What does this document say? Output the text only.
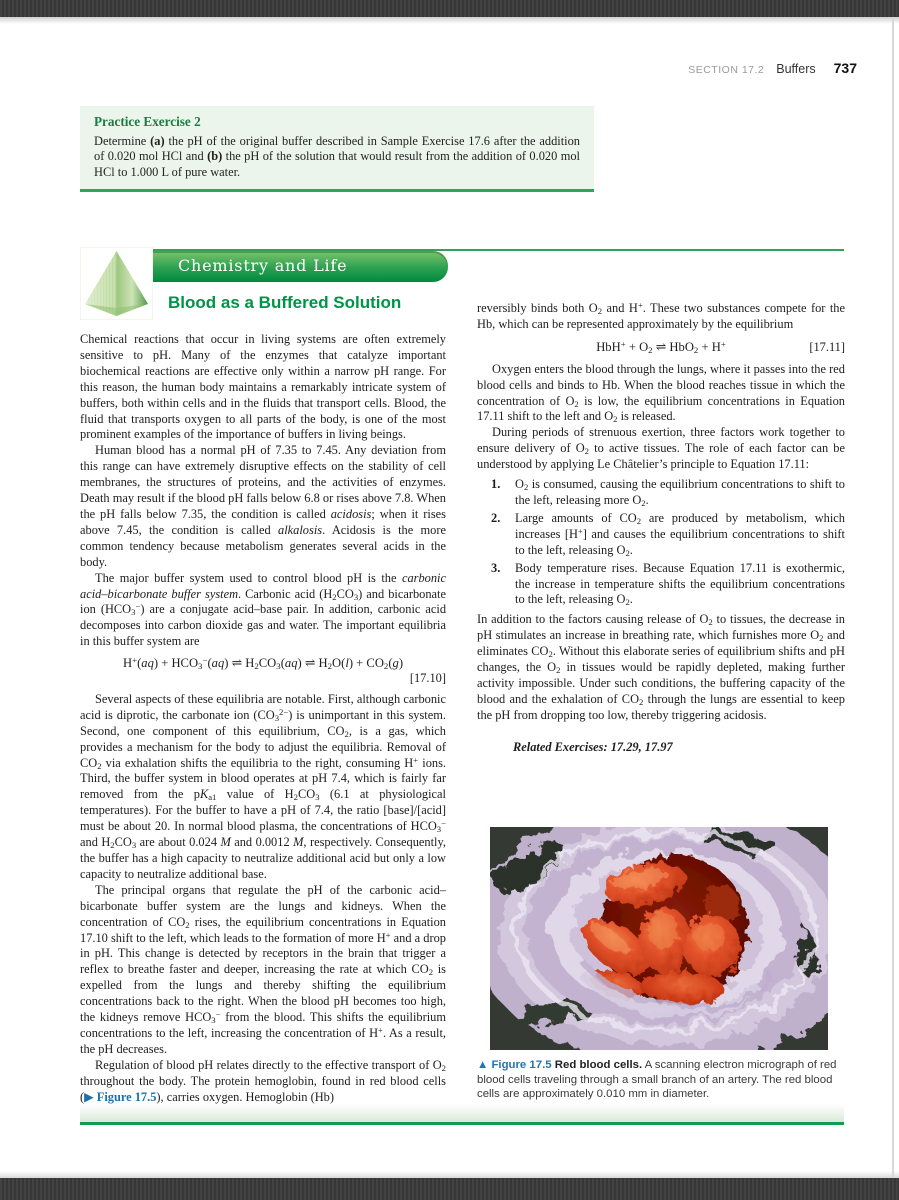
SECTION 17.2 Buffers 737
Practice Exercise 2
Determine (a) the pH of the original buffer described in Sample Exercise 17.6 after the addition of 0.020 mol HCl and (b) the pH of the solution that would result from the addition of 0.020 mol HCl to 1.000 L of pure water.
Chemistry and Life
Blood as a Buffered Solution

Chemical reactions that occur in living systems are often extremely sensitive to pH. Many of the enzymes that catalyze important biochemical reactions are effective only within a narrow pH range. For this reason, the human body maintains a remarkably intricate system of buffers, both within cells and in the fluids that transport cells. Blood, the fluid that transports oxygen to all parts of the body, is one of the most prominent examples of the importance of buffers in living beings.

Human blood has a normal pH of 7.35 to 7.45. Any deviation from this range can have extremely disruptive effects on the stability of cell membranes, the structures of proteins, and the activities of enzymes. Death may result if the blood pH falls below 6.8 or rises above 7.8. When the pH falls below 7.35, the condition is called acidosis; when it rises above 7.45, the condition is called alkalosis. Acidosis is the more common tendency because metabolism generates several acids in the body.

The major buffer system used to control blood pH is the carbonic acid–bicarbonate buffer system. Carbonic acid $(H_2CO_3)$ and bicarbonate ion $(HCO_3^-)$ are a conjugate acid–base pair. In addition, carbonic acid decomposes into carbon dioxide gas and water. The important equilibria in this buffer system are

$H^+(aq) + HCO_3^-(aq)$ ⇌ $H_2CO_3(aq)$ ⇌ $H_2O(l) + CO_2(g)$
[17.10]

Several aspects of these equilibria are notable. First, although carbonic acid is diprotic, the carbonate ion $(CO_3^{2-})$ is unimportant in this system. Second, one component of this equilibrium, $CO_2$, is a gas, which provides a mechanism for the body to adjust the equilibria. Removal of $CO_2$ via exhalation shifts the equilibria to the right, consuming H+ ions. Third, the buffer system in blood operates at pH 7.4, which is fairly far removed from the $pK_{a1}$ value of $H_2CO_3$ (6.1 at physiological temperatures). For the buffer to have a pH of 7.4, the ratio [base]/[acid] must be about 20. In normal blood plasma, the concentrations of $HCO_3^-$ and $H_2CO_3$ are about 0.024 M and 0.0012 M, respectively. Consequently, the buffer has a high capacity to neutralize additional acid but only a low capacity to neutralize additional base.

The principal organs that regulate the pH of the carbonic acid–bicarbonate buffer system are the lungs and kidneys. When the concentration of $CO_2$ rises, the equilibrium concentrations in Equation 17.10 shift to the left, which leads to the formation of more H+ and a drop in pH. This change is detected by receptors in the brain that trigger a reflex to breathe faster and deeper, increasing the rate at which $CO_2$ is expelled from the lungs and thereby shifting the equilibrium concentrations back to the right. When the blood pH becomes too high, the kidneys remove $HCO_3^-$ from the blood. This shifts the equilibrium concentrations to the left, increasing the concentration of H+. As a result, the pH decreases.

Regulation of blood pH relates directly to the effective transport of $O_2$ throughout the body. The protein hemoglobin, found in red blood cells (▶ Figure 17.5), carries oxygen. Hemoglobin (Hb)

reversibly binds both $O_2$ and H+. These two substances compete for the Hb, which can be represented approximately by the equilibrium

$HbH^+ + O_2$ ⇌ HbO$_2$ + H+	[17.11]

Oxygen enters the blood through the lungs, where it passes into the red blood cells and binds to Hb. When the blood reaches tissue in which the concentration of $O_2$ is low, the equilibrium concentrations in Equation 17.11 shift to the left and $O_2$ is released.

During periods of strenuous exertion, three factors work together to ensure delivery of $O_2$ to active tissues. The role of each factor can be understood by applying Le Châtelier’s principle to Equation 17.11:

1. $O_2$ is consumed, causing the equilibrium concentrations to shift to the left, releasing more $O_2$.
2. Large amounts of $CO_2$ are produced by metabolism, which increases [H+] and causes the equilibrium concentrations to shift to the left, releasing $O_2$.
3. Body temperature rises. Because Equation 17.11 is exothermic, the increase in temperature shifts the equilibrium concentrations to the left, releasing $O_2$.

In addition to the factors causing release of $O_2$ to tissues, the decrease in pH stimulates an increase in breathing rate, which furnishes more $O_2$ and eliminates $CO_2$. Without this elaborate series of equilibrium shifts and pH changes, the $O_2$ in tissues would be rapidly depleted, making further activity impossible. Under such conditions, the buffering capacity of the blood and the exhalation of $CO_2$ through the lungs are essential to keep the pH from dropping too low, thereby triggering acidosis.

Related Exercises: 17.29, 17.97
▲ Figure 17.5 Red blood cells. A scanning electron micrograph of red blood cells traveling through a small branch of an artery. The red blood cells are approximately 0.010 mm in diameter.
